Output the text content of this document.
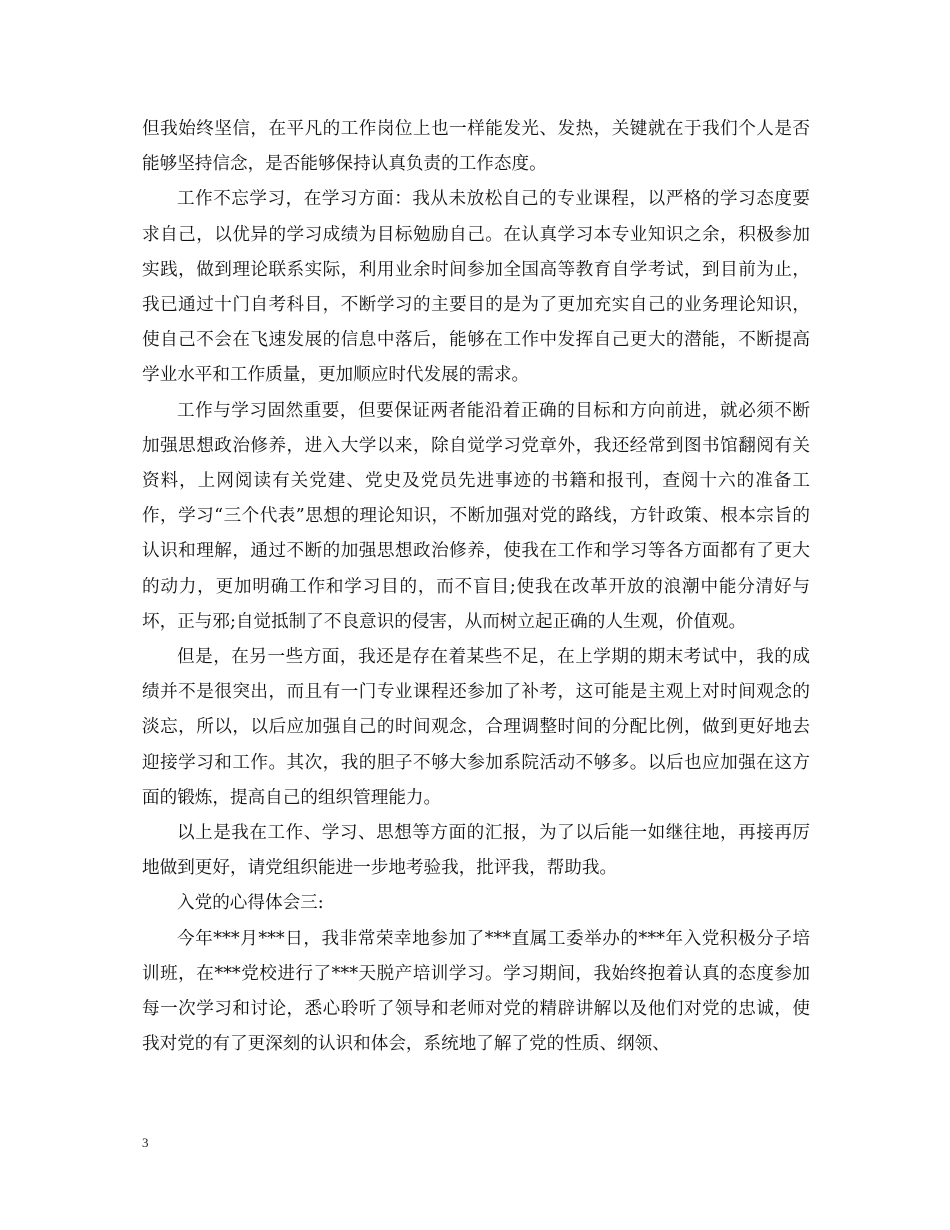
但我始终坚信，在平凡的工作岗位上也一样能发光、发热，关键就在于我们个人是否能够坚持信念，是否能够保持认真负责的工作态度。

工作不忘学习，在学习方面：我从未放松自己的专业课程，以严格的学习态度要求自己，以优异的学习成绩为目标勉励自己。在认真学习本专业知识之余，积极参加实践，做到理论联系实际，利用业余时间参加全国高等教育自学考试，到目前为止，我已通过十门自考科目，不断学习的主要目的是为了更加充实自己的业务理论知识，使自己不会在飞速发展的信息中落后，能够在工作中发挥自己更大的潜能，不断提高学业水平和工作质量，更加顺应时代发展的需求。

工作与学习固然重要，但要保证两者能沿着正确的目标和方向前进，就必须不断加强思想政治修养，进入大学以来，除自觉学习党章外，我还经常到图书馆翻阅有关资料，上网阅读有关党建、党史及党员先进事迹的书籍和报刊，查阅十六的准备工作，学习“三个代表”思想的理论知识，不断加强对党的路线，方针政策、根本宗旨的认识和理解，通过不断的加强思想政治修养，使我在工作和学习等各方面都有了更大的动力，更加明确工作和学习目的，而不盲目;使我在改革开放的浪潮中能分清好与坏，正与邪;自觉抵制了不良意识的侵害，从而树立起正确的人生观，价值观。

但是，在另一些方面，我还是存在着某些不足，在上学期的期末考试中，我的成绩并不是很突出，而且有一门专业课程还参加了补考，这可能是主观上对时间观念的淡忘，所以，以后应加强自己的时间观念，合理调整时间的分配比例，做到更好地去迎接学习和工作。其次，我的胆子不够大参加系院活动不够多。以后也应加强在这方面的锻炼，提高自己的组织管理能力。

以上是我在工作、学习、思想等方面的汇报，为了以后能一如继往地，再接再厉地做到更好，请党组织能进一步地考验我，批评我，帮助我。

入党的心得体会三:

今年***月***日，我非常荣幸地参加了***直属工委举办的***年入党积极分子培训班，在***党校进行了***天脱产培训学习。学习期间，我始终抱着认真的态度参加每一次学习和讨论，悉心聆听了领导和老师对党的精辟讲解以及他们对党的忠诚，使我对党的有了更深刻的认识和体会，系统地了解了党的性质、纲领、

3
